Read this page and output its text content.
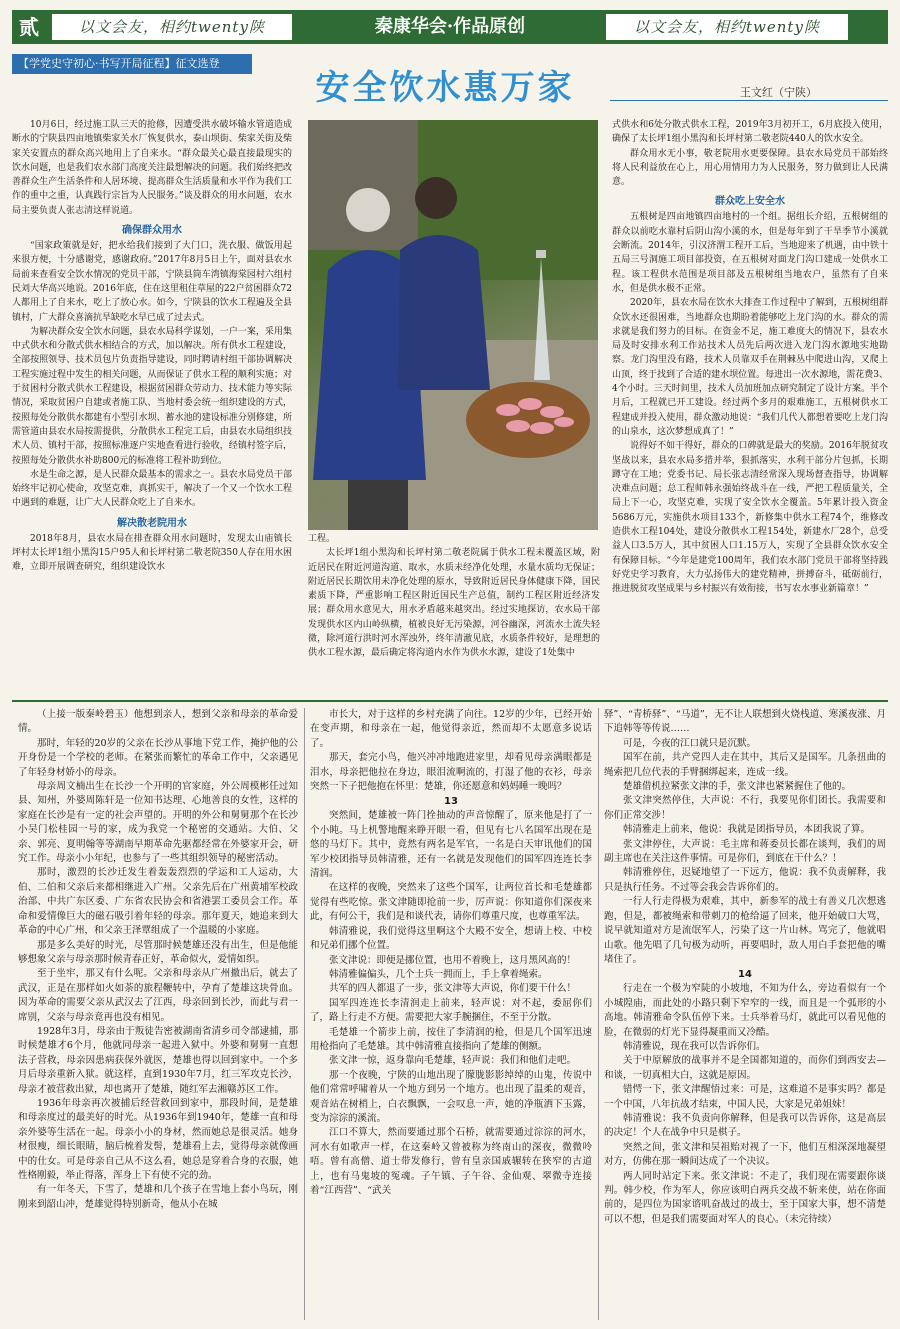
贰	以文会友，相约twenty陕	秦康华会·作品原创	以文会友，相约twenty陕
【学党史守初心·书写开局征程】征文选登
安全饮水惠万家	王文红（宁陕）

10月6日，经过施工队三天的抢修，因遭受洪水破坏输水管道造成断水的宁陕县四亩地镇柴家关水厂恢复供水，泰山坝街、柴家关街及柴家关安置点的群众高兴地用上了自来水。“群众最关心最直接最现实的饮水问题，也是我们农水部门高度关注最想解决的问题。我们始终把改善群众生产生活条件和人居环境、提高群众生活质量和水平作为我们工作的重中之重，认真践行宗旨为人民服务。”谈及群众的用水问题，农水局主要负责人张志清这样说道。

确保群众用水

“国家政策就是好，把水给我们接到了大门口，洗衣服、做饭用起来很方便，十分感谢党，感谢政府。”2017年8月5日上午，面对县农水局前来查看安全饮水情况的党员干部，宁陕县筒车湾镇海棠园村六组村民刘大华高兴地说。2016年底，住在这里租住草屋的22户贫困群众72人都用上了自来水，吃上了放心水。如今，宁陕县的饮水工程遍及全县镇村，广大群众喜滴抗旱缺吃水早已成了过去式。

为解决群众安全饮水问题，县农水局科学谋划，一户一案，采用集中式供水和分散式供水相结合的方式，加以解决。所有供水工程建设，全部按照领导、技术员包片负责指导建设，同时聘请村组干部协调解决工程实施过程中发生的相关问题，从而保证了供水工程的顺利实施；对于贫困村分散式供水工程建设，根据贫困群众劳动力、技术能力等实际情况，采取贫困户自建或者施工队、当地村委会统一组织建设的方式，按照每处分散供水都建有小型引水坝、蓄水池的建设标准分别修建，所需管道由县农水局按需提供，分散供水工程完工后，由县农水局组织技术人员、镇村干部，按照标准逐户实地查看进行验收，经镇村签字后，按照每处分散供水补助800元的标准将工程补助到位。

水是生命之源，是人民群众最基本的需求之一。县农水局党员干部始终牢记初心使命，攻坚克难，真抓实干，解决了一个又一个饮水工程中遇到的难题，让广大人民群众吃上了自来水。

解决散老院用水

2018年8月，县农水局在排查群众用水问题时，发现太山庙镇长坪村太长坪1组小黑沟15户95人和长坪村第二敬老院350人存在用水困难，立即开展调查研究，组织建设饮水

工程。

太长坪1组小黑沟和长坪村第二敬老院属于供水工程未覆盖区域，附近居民在附近河道沟道、取水，水质未经净化处理，水量水质均无保证；附近居民长期饮用未净化处理的原水，导致附近居民身体健康下降，国民素质下降，严重影响工程区附近国民生产总值，制约工程区附近经济发展；群众用水意见大，用水矛盾越来越突出。经过实地探访，农水局干部发现供水区内山岭纵横，植被良好无污染源，河谷幽深，河流水土流失轻微，除河道行洪时河水浑浊外，终年清澈见底，水质条件较好，是理想的供水工程水源，最后确定将沟道内水作为供水水源，建设了1处集中

式供水和6处分散式供水工程，2019年3月初开工，6月底投入使用，确保了太长坪1组小黑沟和长坪村第二敬老院440人的饮水安全。

群众用水无小事，敬老院用水更要保障。县农水局党员干部始终将人民利益放在心上，用心用情用力为人民服务，努力做到让人民满意。

群众吃上安全水

五根树是四亩地镇四亩地村的一个组。据组长介绍，五根树组的群众以前吃水靠村后阴山沟小溪的水，但是每年到了干旱季节小溪就会断流。2014年，引汉济渭工程开工后，当地迎来了机遇，由中铁十五局三号洞施工项目部投资，在五根树对面龙门沟口建成一处供水工程。该工程供水范围是项目部及五根树组当地农户，虽然有了自来水，但是供水极不正常。

2020年，县农水局在饮水大排查工作过程中了解到，五根树组群众饮水还很困难，当地群众也期盼着能够吃上龙门沟的水。群众的需求就是我们努力的目标。在资金不足，施工难度大的情况下，县农水局及时安排水利工作站技术人员先后两次进入龙门沟水源地实地勘察。龙门沟里没有路，技术人员靠双手在荆棘丛中爬进山沟，又爬上山顶，终于找到了合适的建水坝位置。每进出一次水源地，需花费3、4个小时。三天时间里，技术人员加班加点研究制定了设计方案。半个月后，工程就已开工建设。经过两个多月的艰难施工，五根树供水工程建成并投入使用，群众激动地说：“我们几代人都想着要吃上龙门沟的山泉水，这次梦想成真了！”

说得好不如干得好，群众的口碑就是最大的奖励。2016年脱贫攻坚战以来，县农水局多措并举，狠抓落实，水利干部分片包抓，长期蹲守在工地；党委书记、局长张志清经常深入现场督查指导，协调解决难点问题；总工程师韩永强始终战斗在一线，严把工程质量关，全局上下一心，攻坚克难，实现了安全饮水全覆盖。5年累计投入资金5686万元，实施供水项目133个，新修集中供水工程74个，维修改造供水工程104处，建设分散供水工程154处，新建水厂28个，总受益人口3.5万人，其中贫困人口1.15万人，实现了全县群众饮水安全有保障目标。“今年是建党100周年，我们农水部门党员干部将坚持践好党史学习教育，大力弘扬伟大的建党精神，拼搏奋斗，砥砺前行，推进脱贫攻坚成果与乡村振兴有效衔接，书写农水事业新篇章！”

（上接一版秦岭碧玉）他想到亲人，想到父亲和母亲的革命爱情。

那时，年轻的20岁的父亲在长沙从事地下党工作，掩护他的公开身份是一个学校的老师。在紧张而繁忙的革命工作中，父亲遇见了年轻身材娇小的母亲。

母亲周文楠出生在长沙一个开明的官家庭，外公周模彬任过知县、知州，外婆周陈轩是一位知书达理、心地善良的女性，这样的家庭在长沙是有一定的社会声望的。开明的外公和舅舅那个在长沙小吴门松桂园一号的家，成为我党一个秘密的交通站。大伯、父亲、郭亮、夏明翰等等湖南早期革命先驱都经常在外婆家开会，研究工作。母亲小小年纪，也参与了一些其组织领导的秘密活动。

那时，激烈的长沙迁发生着轰轰烈烈的学运和工人运动，大伯、二伯和父亲后来都相继进入广州。父亲先后在广州黄埔军校政治部、中共广东区委、广东省农民协会和省港罢工委员会工作。革命和爱情像巨大的磁石吸引着年轻的母亲。那年夏天，她追来到大革命的中心广州，和父亲王泽覃组成了一个温暖的小家庭。

那是多么美好的时光，尽管那时候楚雄还没有出生，但是他能够想象父亲与母亲那时候青春正好，革命似火，爱情如织。

至于坐牢，那又有什么呢。父亲和母亲从广州撤出后，就去了武汉，正是在那样如火如荼的旅程鞭转中，孕育了楚雄这块骨血。因为革命的需要父亲从武汉去了江西，母亲回到长沙，而此与君一席别，父亲与母亲竟再也没有相见。

1928年3月，母亲由于叛徒告密被湖南省清乡司令部逮捕，那时候楚雄才6个月，他就同母亲一起进入狱中。外婆和舅舅一直想法子营救，母亲因患病获保外就医，楚雄也得以回到家中。一个多月后母亲重新入狱。就这样，直到1930年7月，红三军攻克长沙，母亲才被营救出狱，却也离开了楚雄，随红军去湘赣苏区工作。

1936年母亲再次被捕后经营救回到家中，那段时间，是楚雄和母亲度过的最美好的时光。从1936年到1940年，楚雄一直和母亲外婆等生活在一起。母亲小小的身材，然而她总是很灵活。她身材很瘦，细长眼睛，脑后梳着发髻，楚雄看上去，觉得母亲就像画中的仕女。可是母亲自己从不这么看，她总是穿着合身的衣服，她性格刚毅，举止得落，浑身上下有使不完的劲。

有一年冬天，下雪了，楚雄和几个孩子在雪地上套小鸟玩，刚刚来到韶山冲，楚雄觉得特别新奇，他从小在城

市长大，对于这样的乡村充满了向往。12岁的少年，已经开始在变声期，和母亲在一起，他觉得亲近，然而却不太愿意多说话了。

那天，套完小鸟，他兴冲冲地跑进家里，却看见母亲满眼都是泪水，母亲把他拉在身边，眼泪流啊流的，打湿了他的衣衫，母亲突然一下子把他抱在怀里：楚雄，你还愿意和妈妈睡一晚吗？

13

突然间，楚雄被一阵门拴抽动的声音惊醒了，原来他是打了一个小盹。马上机警地醒来睁开眼一看，但见有七八名国军出现在是悠的马灯下。其中，竟然有两名是军官，一名是白天审讯他们的国军少校团指导员韩清雅，还有一名就是发现他们的国军四连连长李清润。

在这样的夜晚，突然来了这些个国军，让两位首长和毛楚雄都觉得有些吃惊。张文津随即抢前一步，厉声说：你知道你们深夜来此，有何公干，我们是和谈代表，请你们尊重尺度，也尊重军法。

韩清雅说，我们觉得这里啊这个大殿不安全，想请上校、中校和兄弟们挪个位置。

张文津说：即便是挪位置，也用不着晚上，这月黑风高的！

韩清雅偏偏头，几个士兵一拥而上，手上拿着绳索。

共军的四人都退了一步，张文津等大声说，你们要干什么！

国军四连连长李清润走上前来，轻声说：对不起，委屈你们了，路上行走不方便。需要把大家手腕捆住，不至于分散。

毛楚雄一个箭步上前，按住了李清润的枪，但是几个国军迅速用枪指向了毛楚雄。其中韩清雅直接指向了楚雄的侧额。

张文津一惊，返身靠向毛楚雄，轻声说：我们和他们走吧。

那一个夜晚，宁陕的山地出现了朦胧影影绰绰的山鬼，传说中他们常常呼啸着从一个地方到另一个地方。也出现了温柔的观音，观音站在树梢上，白衣飘飘，一会叹息一声，她的净瓶洒下玉露，变为淙淙的溪流。

江口不算大，然而要通过那个石桥，就需要通过淙淙的河水，河水有如歌声一样，在这秦岭又曾被称为终南山的深夜，微微呤唔。曾有高僧、道士带发修行，曾有皇亲国戚辗转在狭窄的古道上，也有马鬼坡的冤魂。子午镇、子午谷、金仙观、翠微寺连接着“江西营”、“武关

驿”、“青桥驿”、“马道”，无不让人联想到火烧栈道、寒溪夜涨、月下追韩等等传说……

可是，今夜的江口就只是沉默。

国军在前，共产党四人走在其中，其后又是国军。几条扭曲的绳索把几位代表的手臂捆绑起来，连成一线。

楚雄借机拉紧张文津的手，张文津也紧紧握住了他的。

张文津突然停住，大声说：不行，我要见你们团长。我需要和你们正常交涉！

韩清雅走上前来，他说：我就是团指导员，本团我说了算。

张文津停住，大声说：毛主席和蒋委员长都在谈判，我们的周副主席也在关注这件事情。可是你们，到底在干什么？！

韩清雅停住，迟疑地望了一下远方，他说：我不负责解释，我只是执行任务。不过等会我会告诉你们的。

一行人行走得极为艰难，其中，新参军的战士有善义几次想逃跑，但是，都被绳索和带刺刀的枪给逼了回来，他开始破口大骂，说早就知道对方是流氓军人，污染了这一片山林。骂完了，他就唱山歌。他先唱了几句极为动听，再要唱时，敌人用白手套把他的嘴堵住了。

14

行走在一个极为窄陡的小坡地，不知为什么，旁边看似有一个小城隍庙，而此处的小路只剩下窄窄的一线，而且是一个弧形的小高地。韩清雅命令队伍停下来。士兵举着马灯，就此可以看见他的脸，在微弱的灯光下显得凝重而又冷酷。

韩清雅说，现在我可以告诉你们。

关于中原解放的战事并不是全国都知道的，而你们到西安去—和谈，一切真相大白，这就是原因。

错愕一下，张文津醒悟过来：可是，这难道不是事实吗？都是一个中国，八年抗战才结束，中国人民，大家是兄弟姐妹！

韩清雅说：我不负责向你解释，但是我可以告诉你，这是高层的决定！个人在战争中只是棋子。

突然之间，张文津和吴祖贻对视了一下，他们互相深深地凝望对方，仿佛在那一瞬间达成了一个决议。

两人同时站定下来。张文津说：不走了，我们现在需要跟你谈判。韩少校，作为军人，你应该明白两兵交战不斩来使，站在你面前的，是四位为国家谘叽奋战过的战士，至于国家大事，想不清楚可以不想，但是我们需要面对军人的良心。（未完待续）
